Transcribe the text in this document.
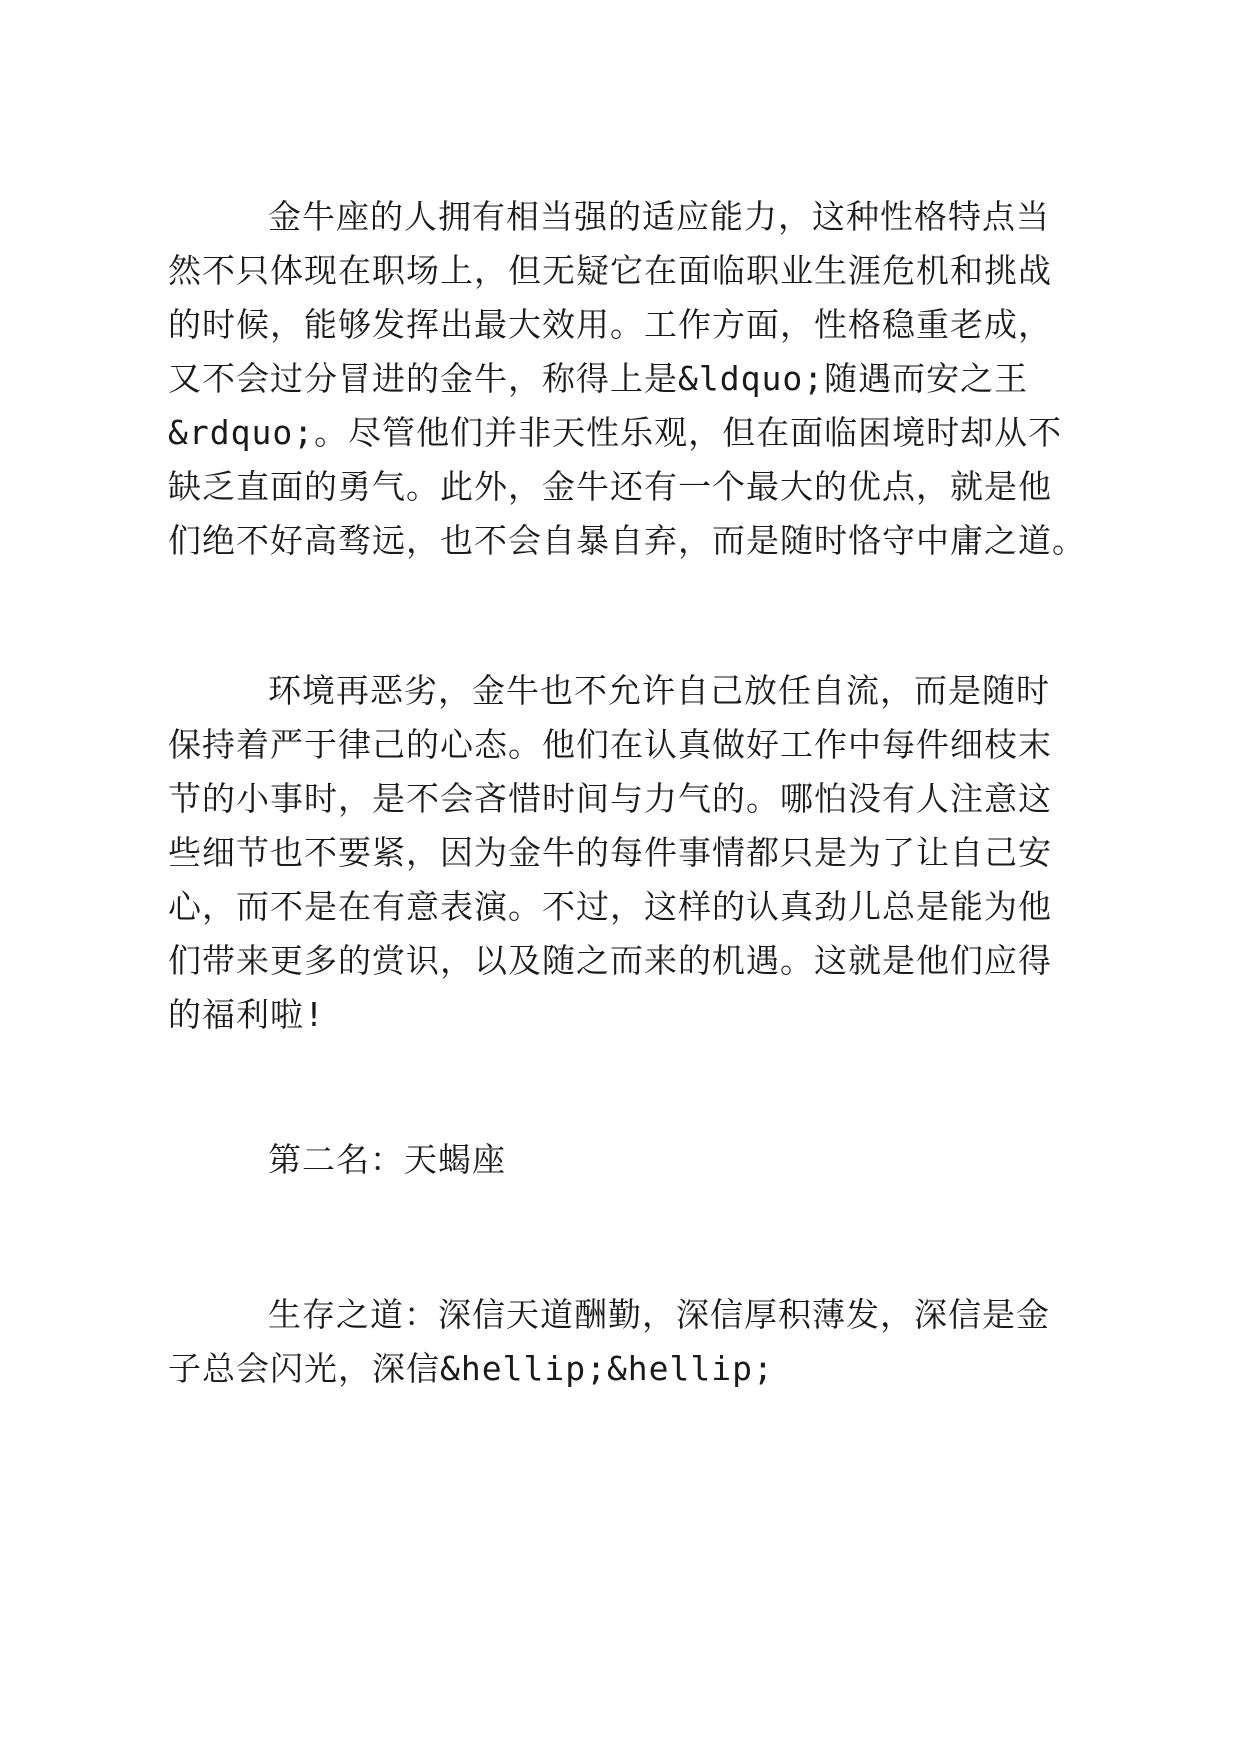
金牛座的人拥有相当强的适应能力，这种性格特点当

然不只体现在职场上，但无疑它在面临职业生涯危机和挑战

的时候，能够发挥出最大效用。工作方面，性格稳重老成，

又不会过分冒进的金牛，称得上是&ldquo;随遇而安之王

&rdquo;。尽管他们并非天性乐观，但在面临困境时却从不

缺乏直面的勇气。此外，金牛还有一个最大的优点，就是他

们绝不好高骛远，也不会自暴自弃，而是随时恪守中庸之道。

环境再恶劣，金牛也不允许自己放任自流，而是随时

保持着严于律己的心态。他们在认真做好工作中每件细枝末

节的小事时，是不会吝惜时间与力气的。哪怕没有人注意这

些细节也不要紧，因为金牛的每件事情都只是为了让自己安

心，而不是在有意表演。不过，这样的认真劲儿总是能为他

们带来更多的赏识，以及随之而来的机遇。这就是他们应得

的福利啦!

第二名：天蝎座

生存之道：深信天道酬勤，深信厚积薄发，深信是金

子总会闪光，深信&hellip;&hellip;
